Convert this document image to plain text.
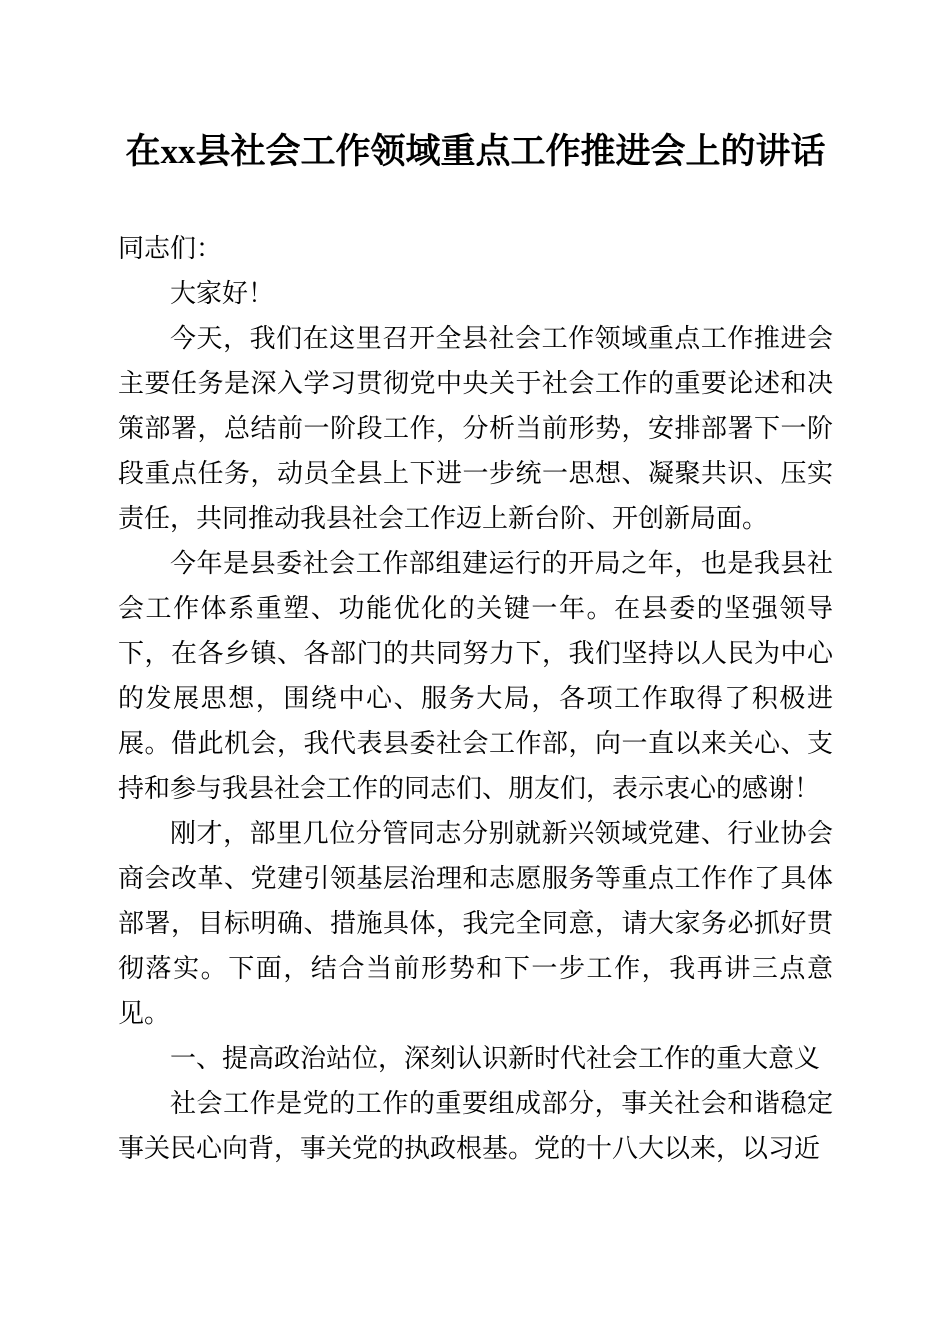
在xx县社会工作领域重点工作推进会上的讲话

同志们：

大家好！

今天，我们在这里召开全县社会工作领域重点工作推进会主要任务是深入学习贯彻党中央关于社会工作的重要论述和决策部署，总结前一阶段工作，分析当前形势，安排部署下一阶段重点任务，动员全县上下进一步统一思想、凝聚共识、压实责任，共同推动我县社会工作迈上新台阶、开创新局面。

今年是县委社会工作部组建运行的开局之年，也是我县社会工作体系重塑、功能优化的关键一年。在县委的坚强领导下，在各乡镇、各部门的共同努力下，我们坚持以人民为中心的发展思想，围绕中心、服务大局，各项工作取得了积极进展。借此机会，我代表县委社会工作部，向一直以来关心、支持和参与我县社会工作的同志们、朋友们，表示衷心的感谢！

刚才，部里几位分管同志分别就新兴领域党建、行业协会商会改革、党建引领基层治理和志愿服务等重点工作作了具体部署，目标明确、措施具体，我完全同意，请大家务必抓好贯彻落实。下面，结合当前形势和下一步工作，我再讲三点意见。

一、提高政治站位，深刻认识新时代社会工作的重大意义

社会工作是党的工作的重要组成部分，事关社会和谐稳定事关民心向背，事关党的执政根基。党的十八大以来，以习近
